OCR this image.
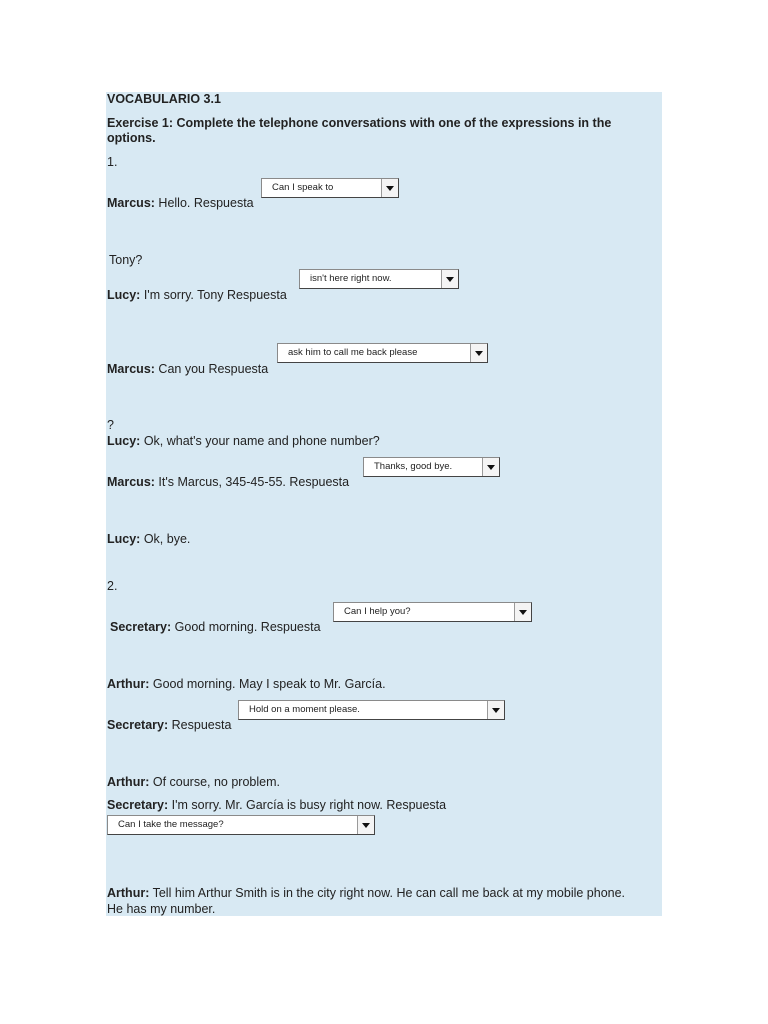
VOCABULARIO 3.1
Exercise 1: Complete the telephone conversations with one of the expressions in the
options.
1.
Marcus: Hello. Respuesta
Can I speak to
Tony?
Lucy: I'm sorry. Tony Respuesta
isn't here right now.
Marcus: Can you Respuesta
ask him to call me back please
?
Lucy: Ok, what's your name and phone number?
Marcus: It's Marcus, 345-45-55. Respuesta
Thanks, good bye.
Lucy: Ok, bye.
2.
Secretary: Good morning. Respuesta
Can I help you?
Arthur: Good morning. May I speak to Mr. García.
Secretary: Respuesta
Hold on a moment please.
Arthur: Of course, no problem.
Secretary: I'm sorry. Mr. García is busy right now. Respuesta
Can I take the message?
Arthur: Tell him Arthur Smith is in the city right now. He can call me back at my mobile phone.
He has my number.
